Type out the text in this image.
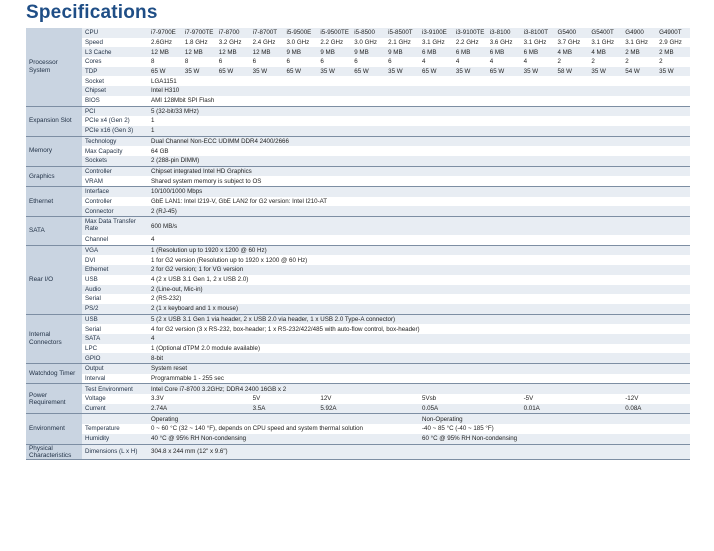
Specifications
Processor
System	CPU	i7-9700E	i7-9700TE	i7-8700	i7-8700T	i5-9500E	i5-9500TE	i5-8500	i5-8500T	i3-9100E	i3-9100TE	i3-8100	i3-8100T	G5400	G5400T	G4900	G4900T
	Speed	2.6GHz	1.8 GHz	3.2 GHz	2.4 GHz	3.0 GHz	2.2 GHz	3.0 GHz	2.1 GHz	3.1 GHz	2.2 GHz	3.6 GHz	3.1 GHz	3.7 GHz	3.1 GHz	3.1 GHz	2.9 GHz
	L3 Cache	12 MB	12 MB	12 MB	12 MB	9 MB	9 MB	9 MB	9 MB	6 MB	6 MB	6 MB	6 MB	4 MB	4 MB	2 MB	2 MB
	Cores	8	8	6	6	6	6	6	6	4	4	4	4	2	2	2	2
	TDP	65 W	35 W	65 W	35 W	65 W	35 W	65 W	35 W	65 W	35 W	65 W	35 W	58 W	35 W	54 W	35 W
	Socket	LGA1151															
	Chipset	Intel H310															
	BIOS	AMI 128Mbit SPI Flash															
Expansion Slot	PCI	5 (32-bit/33 MHz)															
	PCIe x4 (Gen 2)	1															
	PCIe x16 (Gen 3)	1															
Memory	Technology	Dual Channel Non-ECC UDIMM DDR4 2400/2666															
	Max Capacity	64 GB															
	Sockets	2 (288-pin DIMM)															
Graphics	Controller	Chipset integrated Intel HD Graphics															
	VRAM	Shared system memory is subject to OS															
Ethernet	Interface	10/100/1000 Mbps															
	Controller	GbE LAN1: Intel I219-V, GbE LAN2 for G2 version: Intel I210-AT															
	Connector	2 (RJ-45)															
SATA	Max Data Transfer Rate	600 MB/s															
	Channel	4															
Rear I/O	VGA	1 (Resolution up to 1920 x 1200 @ 60 Hz)															
	DVI	1 for G2 version (Resolution up to 1920 x 1200 @ 60 Hz)															
	Ethernet	2 for G2 version; 1 for VG version															
	USB	4 (2 x USB 3.1 Gen 1, 2 x USB 2.0)															
	Audio	2 (Line-out, Mic-in)															
	Serial	2 (RS-232)															
	PS/2	2 (1 x keyboard and 1 x mouse)															
Internal
Connectors	USB	5 (2 x USB 3.1 Gen 1 via header, 2 x USB 2.0 via header, 1 x USB 2.0 Type-A connector)															
	Serial	4 for G2 version (3 x RS-232, box-header; 1 x RS-232/422/485 with auto-flow control, box-header)															
	SATA	4															
	LPC	1 (Optional dTPM 2.0 module available)															
	GPIO	8-bit															
Watchdog Timer	Output	System reset															
	Interval	Programmable 1 - 255 sec															
Power
Requirement	Test Environment	Intel Core i7-8700 3.2GHz; DDR4 2400 16GB x 2															
	Voltage	3.3V			5V		12V			5Vsb			-5V			-12V	
	Current	2.74A			3.5A		5.92A			0.05A			0.01A			0.08A	
Environment		Operating								Non-Operating							
	Temperature	0 ~ 60 °C (32 ~ 140 °F), depends on CPU speed and system thermal solution								-40 ~ 85 °C (-40 ~ 185 °F)							
	Humidity	40 °C @ 95% RH Non-condensing								60 °C @ 95% RH Non-condensing							
Physical
Characteristics	Dimensions (L x H)	304.8 x 244 mm (12" x 9.6")															
